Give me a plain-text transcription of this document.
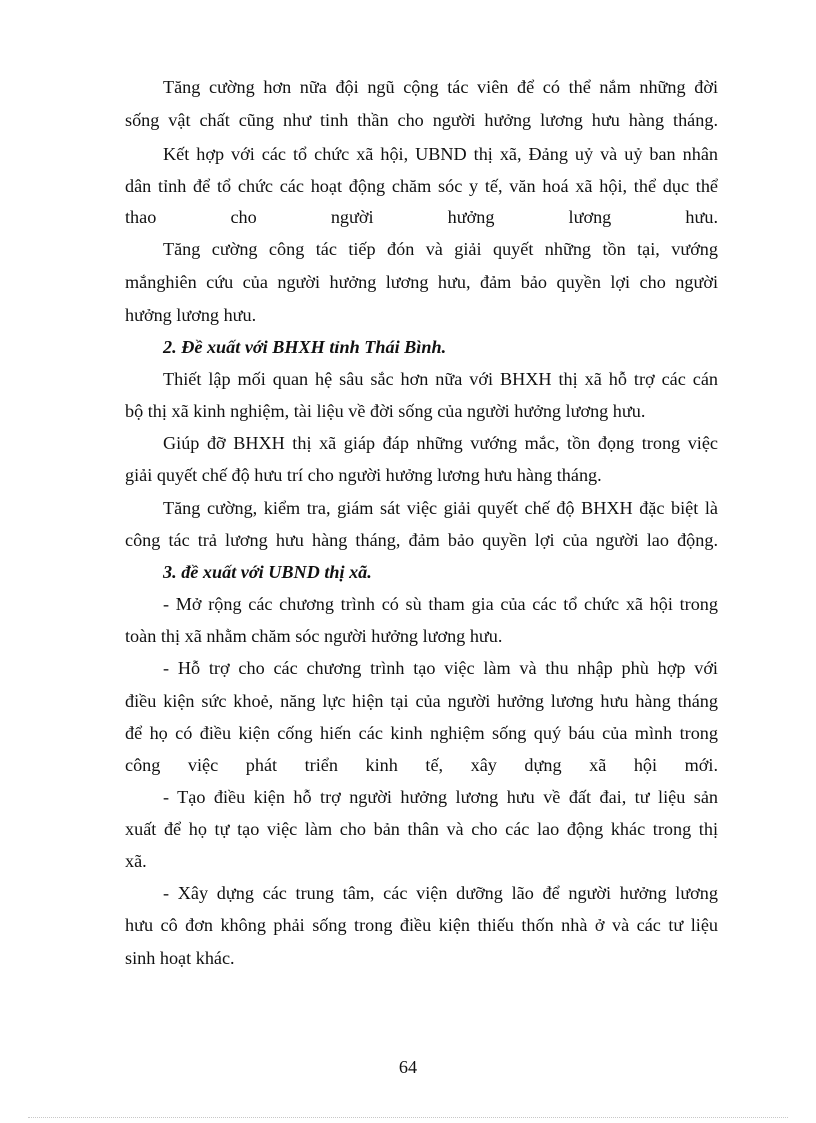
Tăng cường hơn nữa đội ngũ cộng tác viên để có thể nắm những đời
sống vật chất cũng như tinh thần cho người hưởng lương hưu hàng tháng.
Kết hợp với các tổ chức xã hội, UBND thị xã, Đảng uỷ và uỷ ban nhân
dân tỉnh để tổ chức các hoạt động chăm sóc y tế, văn hoá xã hội, thể dục thể
thao cho người hưởng lương hưu.
Tăng cường công tác tiếp đón và giải quyết những tồn tại, vướng
mắnghiên cứu của người hưởng lương hưu, đảm bảo quyền lợi cho người
hưởng lương hưu.
2. Đề xuất với BHXH tỉnh Thái Bình.
Thiết lập mối quan hệ sâu sắc hơn nữa với BHXH thị xã hỗ trợ các cán
bộ thị xã kinh nghiệm, tài liệu về đời sống của người hưởng lương hưu.
Giúp đỡ BHXH thị xã giáp đáp những vướng mắc, tồn đọng trong việc
giải quyết chế độ hưu trí cho người hưởng lương hưu hàng tháng.
Tăng cường, kiểm tra, giám sát việc giải quyết chế độ BHXH đặc biệt là
công tác trả lương hưu hàng tháng, đảm bảo quyền lợi của người lao động.
3. đề xuất với UBND thị xã.
- Mở rộng các chương trình có sù tham gia của các tổ chức xã hội trong
toàn thị xã nhằm chăm sóc người hưởng lương hưu.
- Hỗ trợ cho các chương trình tạo việc làm và thu nhập phù hợp với
điều kiện sức khoẻ, năng lực hiện tại của người hưởng lương hưu hàng tháng
để họ có điều kiện cống hiến các kinh nghiệm sống quý báu của mình trong
công việc phát triển kinh tế, xây dựng xã hội mới.
- Tạo điều kiện hỗ trợ người hưởng lương hưu về đất đai, tư liệu sản
xuất để họ tự tạo việc làm cho bản thân và cho các lao động khác trong thị
xã.
- Xây dựng các trung tâm, các viện dưỡng lão để người hưởng lương
hưu cô đơn không phải sống trong điều kiện thiếu thốn nhà ở và các tư liệu
sinh hoạt khác.
64
